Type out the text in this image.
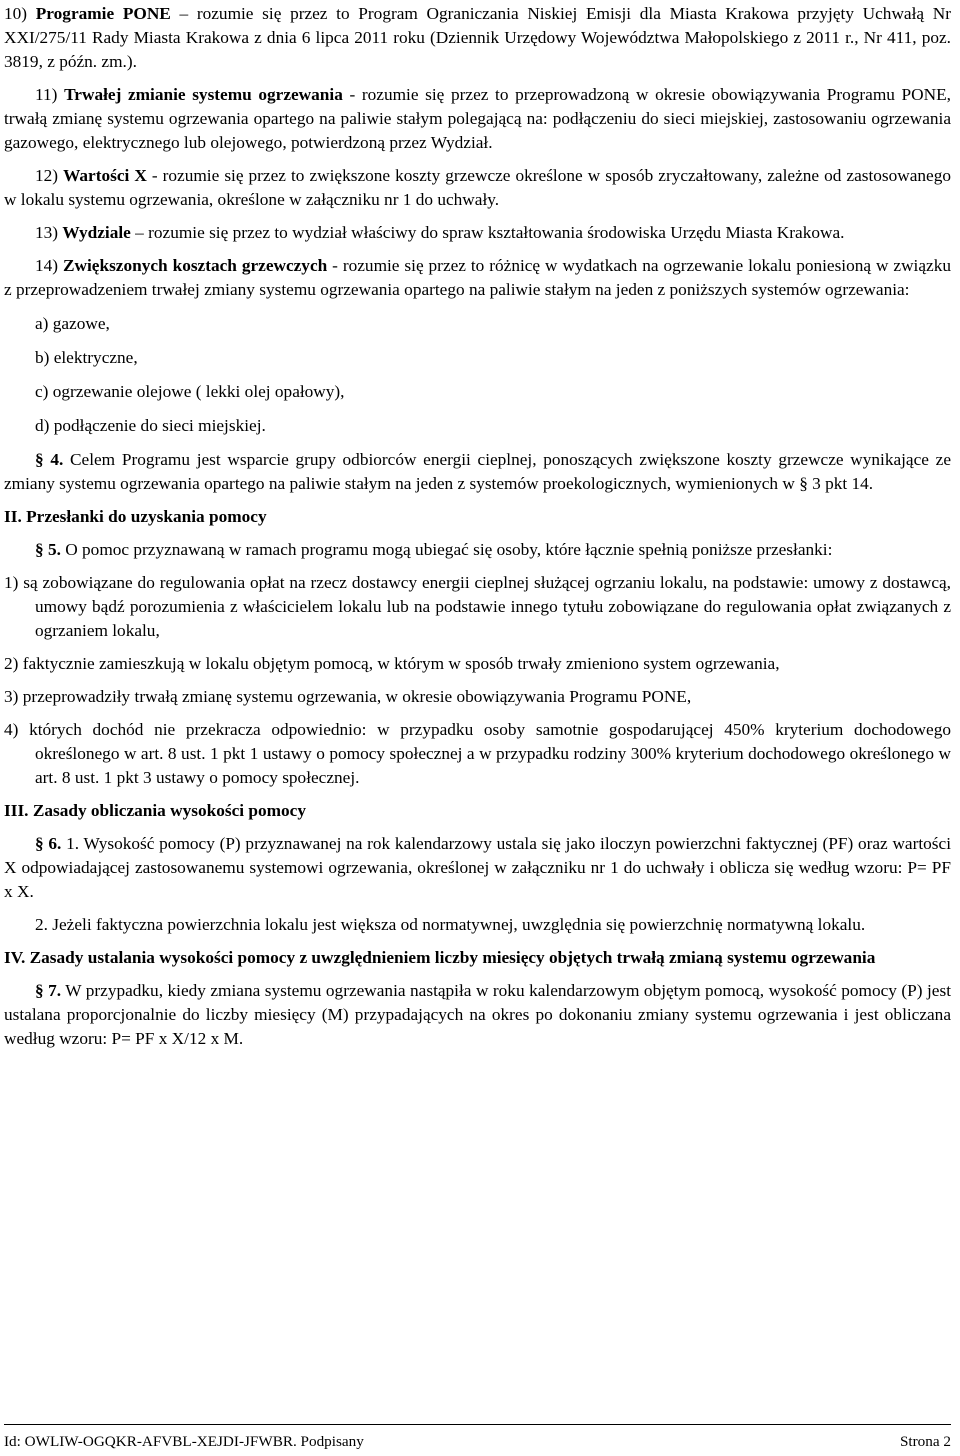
10) Programie PONE – rozumie się przez to Program Ograniczania Niskiej Emisji dla Miasta Krakowa przyjęty Uchwałą Nr XXI/275/11 Rady Miasta Krakowa z dnia 6 lipca 2011 roku (Dziennik Urzędowy Województwa Małopolskiego z 2011 r., Nr 411, poz. 3819, z późn. zm.).

11) Trwałej zmianie systemu ogrzewania - rozumie się przez to przeprowadzoną w okresie obowiązywania Programu PONE, trwałą zmianę systemu ogrzewania opartego na paliwie stałym polegającą na: podłączeniu do sieci miejskiej, zastosowaniu ogrzewania gazowego, elektrycznego lub olejowego, potwierdzoną przez Wydział.

12) Wartości X - rozumie się przez to zwiększone koszty grzewcze określone w sposób zryczałtowany, zależne od zastosowanego w lokalu systemu ogrzewania, określone w załączniku nr 1 do uchwały.

13) Wydziale – rozumie się przez to wydział właściwy do spraw kształtowania środowiska Urzędu Miasta Krakowa.

14) Zwiększonych kosztach grzewczych - rozumie się przez to różnicę w wydatkach na ogrzewanie lokalu poniesioną w związku z przeprowadzeniem trwałej zmiany systemu ogrzewania opartego na paliwie stałym na jeden z poniższych systemów ogrzewania:

a) gazowe,

b) elektryczne,

c) ogrzewanie olejowe ( lekki olej opałowy),

d) podłączenie do sieci miejskiej.

§ 4. Celem Programu jest wsparcie grupy odbiorców energii cieplnej, ponoszących zwiększone koszty grzewcze wynikające ze zmiany systemu ogrzewania opartego na paliwie stałym na jeden z systemów proekologicznych, wymienionych w § 3 pkt 14.

II. Przesłanki do uzyskania pomocy

§ 5. O pomoc przyznawaną w ramach programu mogą ubiegać się osoby, które łącznie spełnią poniższe przesłanki:

1) są zobowiązane do regulowania opłat na rzecz dostawcy energii cieplnej służącej ogrzaniu lokalu, na podstawie: umowy z dostawcą, umowy bądź porozumienia z właścicielem lokalu lub na podstawie innego tytułu zobowiązane do regulowania opłat związanych z ogrzaniem lokalu,

2) faktycznie zamieszkują w lokalu objętym pomocą, w którym w sposób trwały zmieniono system ogrzewania,

3) przeprowadziły trwałą zmianę systemu ogrzewania, w okresie obowiązywania Programu PONE,

4) których dochód nie przekracza odpowiednio: w przypadku osoby samotnie gospodarującej 450% kryterium dochodowego określonego w art. 8 ust. 1 pkt 1 ustawy o pomocy społecznej a w przypadku rodziny 300% kryterium dochodowego określonego w art. 8 ust. 1 pkt 3 ustawy o pomocy społecznej.

III. Zasady obliczania wysokości pomocy

§ 6. 1. Wysokość pomocy (P) przyznawanej na rok kalendarzowy ustala się jako iloczyn powierzchni faktycznej (PF) oraz wartości X odpowiadającej zastosowanemu systemowi ogrzewania, określonej w załączniku nr 1 do uchwały i oblicza się według wzoru: P= PF x X.

2. Jeżeli faktyczna powierzchnia lokalu jest większa od normatywnej, uwzględnia się powierzchnię normatywną lokalu.

IV. Zasady ustalania wysokości pomocy z uwzględnieniem liczby miesięcy objętych trwałą zmianą systemu ogrzewania

§ 7. W przypadku, kiedy zmiana systemu ogrzewania nastąpiła w roku kalendarzowym objętym pomocą, wysokość pomocy (P) jest ustalana proporcjonalnie do liczby miesięcy (M) przypadających na okres po dokonaniu zmiany systemu ogrzewania i jest obliczana według wzoru: P= PF x X/12 x M.

Id: OWLIW-OGQKR-AFVBL-XEJDI-JFWBR. Podpisany	Strona 2
